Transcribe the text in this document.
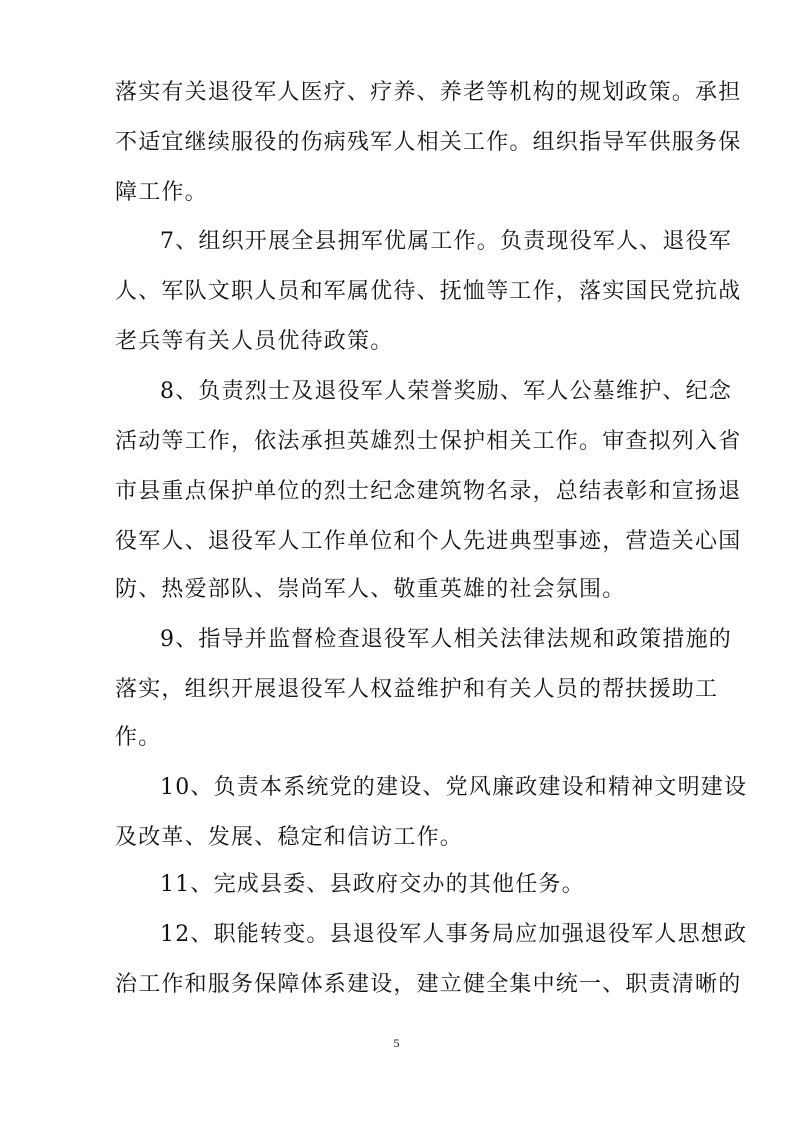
落实有关退役军人医疗、疗养、养老等机构的规划政策。承担
不适宜继续服役的伤病残军人相关工作。组织指导军供服务保
障工作。
7、组织开展全县拥军优属工作。负责现役军人、退役军
人、军队文职人员和军属优待、抚恤等工作，落实国民党抗战
老兵等有关人员优待政策。
8、负责烈士及退役军人荣誉奖励、军人公墓维护、纪念
活动等工作，依法承担英雄烈士保护相关工作。审查拟列入省
市县重点保护单位的烈士纪念建筑物名录，总结表彰和宣扬退
役军人、退役军人工作单位和个人先进典型事迹，营造关心国
防、热爱部队、崇尚军人、敬重英雄的社会氛围。
9、指导并监督检查退役军人相关法律法规和政策措施的
落实，组织开展退役军人权益维护和有关人员的帮扶援助工
作。
10、负责本系统党的建设、党风廉政建设和精神文明建设
及改革、发展、稳定和信访工作。
11、完成县委、县政府交办的其他任务。
12、职能转变。县退役军人事务局应加强退役军人思想政
治工作和服务保障体系建设，建立健全集中统一、职责清晰的
5
